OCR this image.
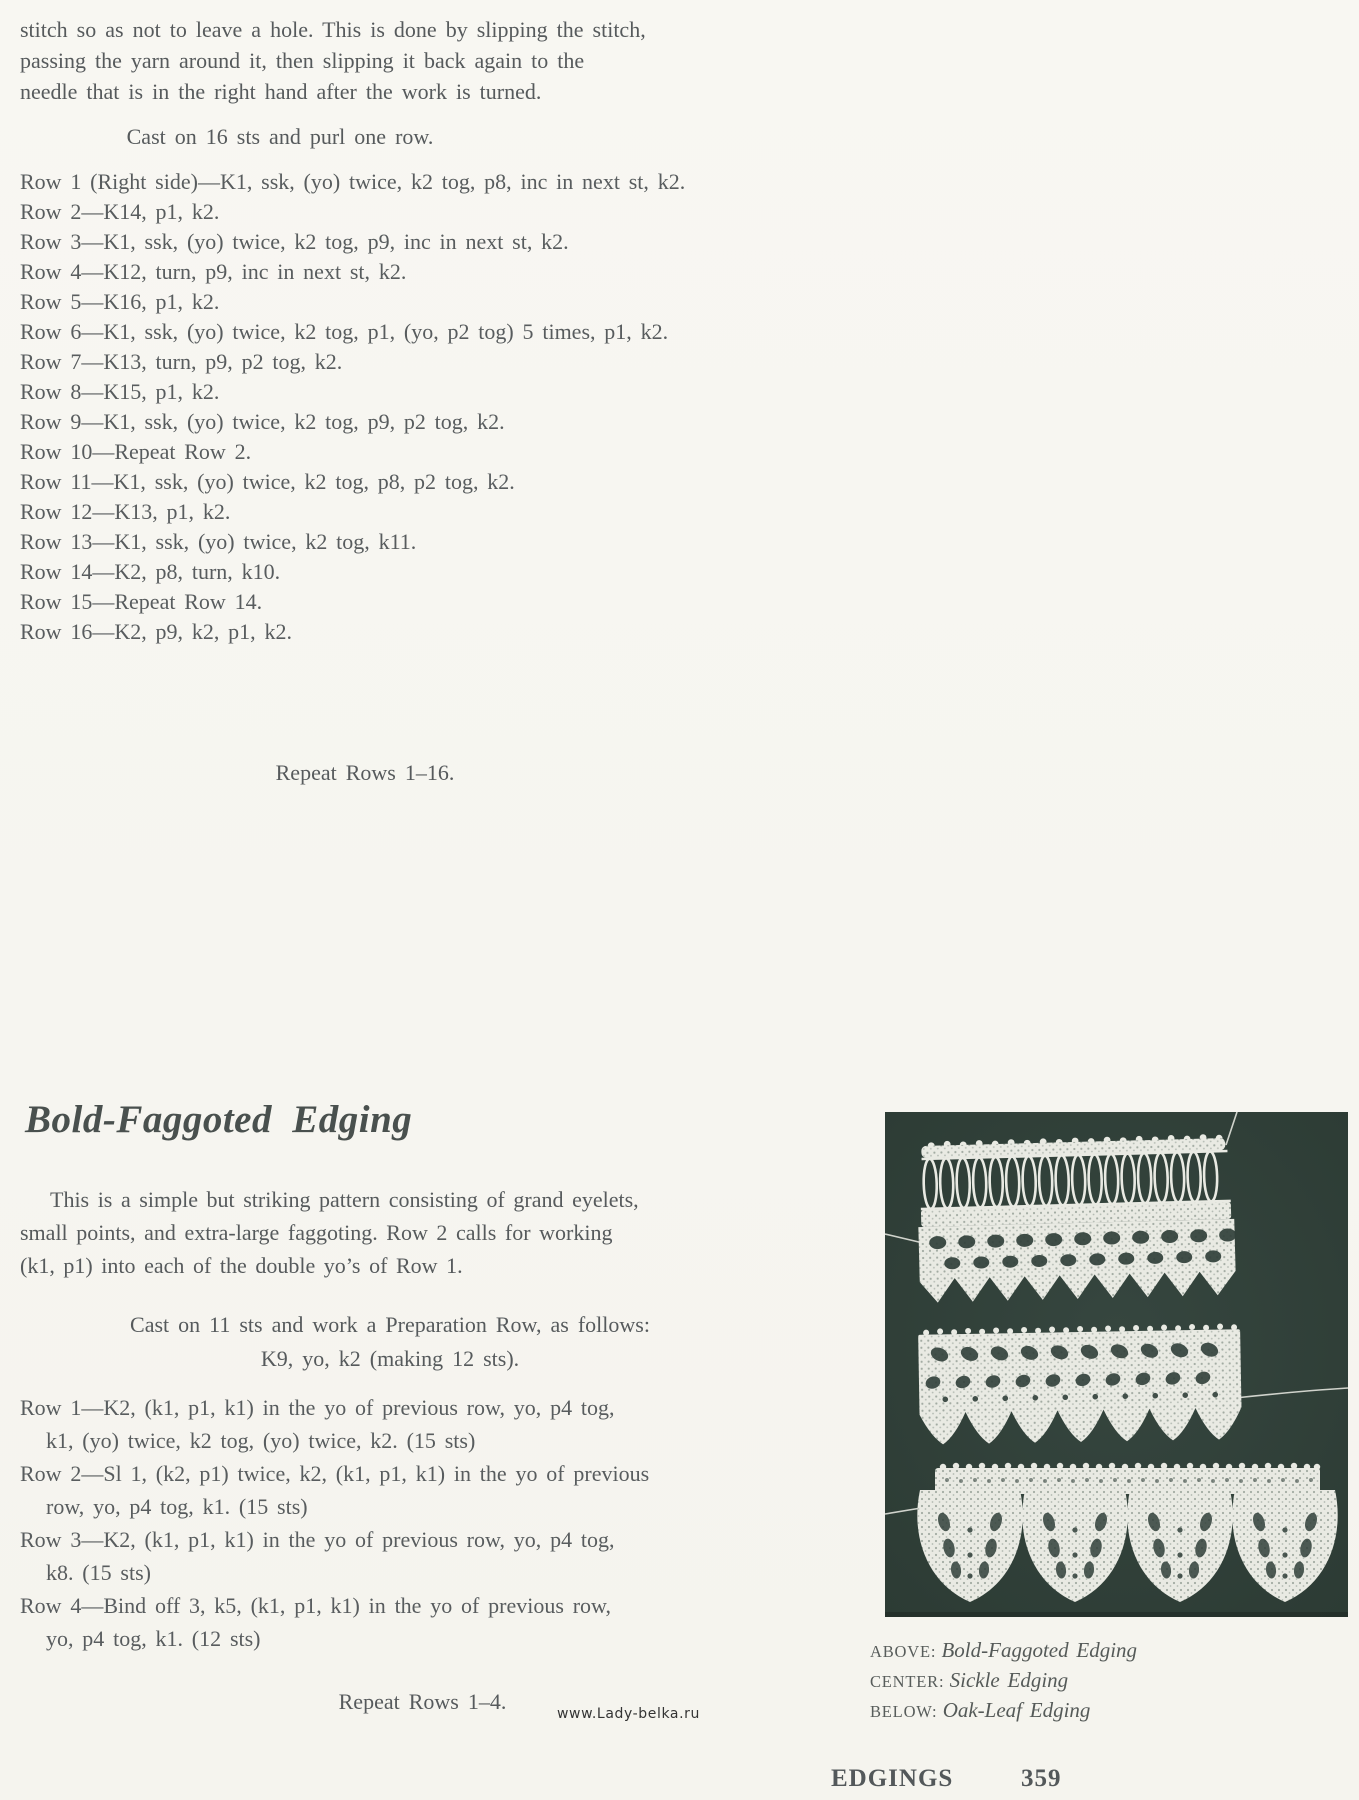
stitch so as not to leave a hole. This is done by slipping the stitch,
passing the yarn around it, then slipping it back again to the
needle that is in the right hand after the work is turned.
Cast on 16 sts and purl one row.
Row 1 (Right side)—K1, ssk, (yo) twice, k2 tog, p8, inc in next st, k2.
Row 2—K14, p1, k2.
Row 3—K1, ssk, (yo) twice, k2 tog, p9, inc in next st, k2.
Row 4—K12, turn, p9, inc in next st, k2.
Row 5—K16, p1, k2.
Row 6—K1, ssk, (yo) twice, k2 tog, p1, (yo, p2 tog) 5 times, p1, k2.
Row 7—K13, turn, p9, p2 tog, k2.
Row 8—K15, p1, k2.
Row 9—K1, ssk, (yo) twice, k2 tog, p9, p2 tog, k2.
Row 10—Repeat Row 2.
Row 11—K1, ssk, (yo) twice, k2 tog, p8, p2 tog, k2.
Row 12—K13, p1, k2.
Row 13—K1, ssk, (yo) twice, k2 tog, k11.
Row 14—K2, p8, turn, k10.
Row 15—Repeat Row 14.
Row 16—K2, p9, k2, p1, k2.
Repeat Rows 1–16.
Bold-Faggoted Edging
This is a simple but striking pattern consisting of grand eyelets,
small points, and extra-large faggoting. Row 2 calls for working
(k1, p1) into each of the double yo’s of Row 1.
Cast on 11 sts and work a Preparation Row, as follows:
K9, yo, k2 (making 12 sts).
Row 1—K2, (k1, p1, k1) in the yo of previous row, yo, p4 tog,
k1, (yo) twice, k2 tog, (yo) twice, k2. (15 sts)
Row 2—Sl 1, (k2, p1) twice, k2, (k1, p1, k1) in the yo of previous
row, yo, p4 tog, k1. (15 sts)
Row 3—K2, (k1, p1, k1) in the yo of previous row, yo, p4 tog,
k8. (15 sts)
Row 4—Bind off 3, k5, (k1, p1, k1) in the yo of previous row,
yo, p4 tog, k1. (12 sts)
Repeat Rows 1–4.	www.Lady-belka.ru
ABOVE: Bold-Faggoted Edging
CENTER: Sickle Edging
BELOW: Oak-Leaf Edging
EDGINGS	359
